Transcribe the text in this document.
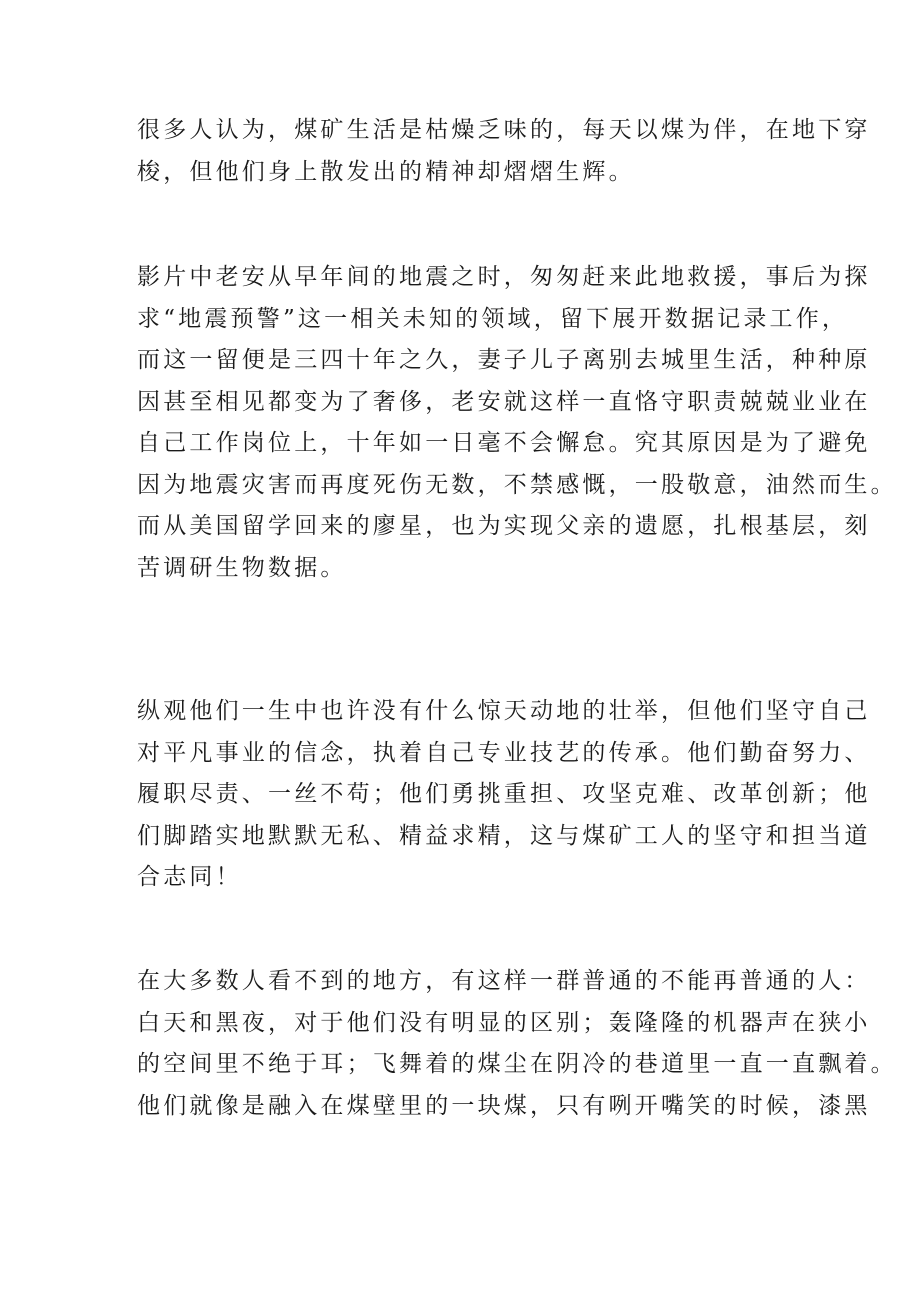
很多人认为，煤矿生活是枯燥乏味的，每天以煤为伴，在地下穿
梭，但他们身上散发出的精神却熠熠生辉。
影片中老安从早年间的地震之时，匆匆赶来此地救援，事后为探
求“地震预警”这一相关未知的领域，留下展开数据记录工作，
而这一留便是三四十年之久，妻子儿子离别去城里生活，种种原
因甚至相见都变为了奢侈，老安就这样一直恪守职责兢兢业业在
自己工作岗位上，十年如一日毫不会懈怠。究其原因是为了避免
因为地震灾害而再度死伤无数，不禁感慨，一股敬意，油然而生。
而从美国留学回来的廖星，也为实现父亲的遗愿，扎根基层，刻
苦调研生物数据。
纵观他们一生中也许没有什么惊天动地的壮举，但他们坚守自己
对平凡事业的信念，执着自己专业技艺的传承。他们勤奋努力、
履职尽责、一丝不苟；他们勇挑重担、攻坚克难、改革创新；他
们脚踏实地默默无私、精益求精，这与煤矿工人的坚守和担当道
合志同！
在大多数人看不到的地方，有这样一群普通的不能再普通的人：
白天和黑夜，对于他们没有明显的区别；轰隆隆的机器声在狭小
的空间里不绝于耳；飞舞着的煤尘在阴冷的巷道里一直一直飘着。
他们就像是融入在煤壁里的一块煤，只有咧开嘴笑的时候，漆黑
